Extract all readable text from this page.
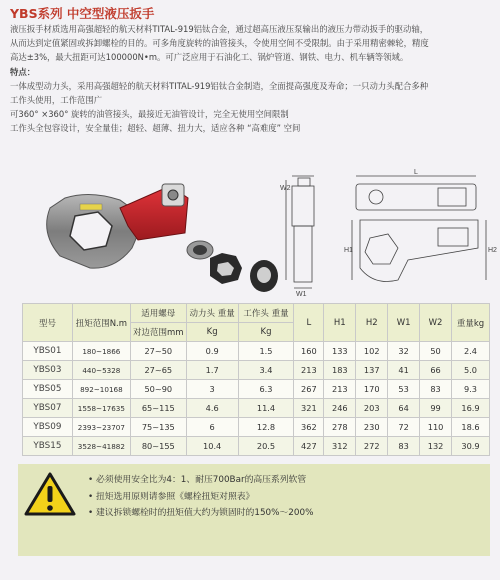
YBS系列 中空型液压扳手

液压扳手材质选用高强超轻的航天材料TITAL-919铝钛合金，通过超高压液压泵输出的液压力带动扳手的驱动轴，

从而达到定值紧固或拆卸螺栓的目的。可多角度旋转的油管接头，令使用空间不受限制。由于采用精密棘轮，精度

高达±3%，最大扭距可达100000N•m。可广泛应用于石油化工、锅炉管道、钢铁、电力、机车辆等领域。

特点：

一体成型动力头，采用高强超轻的航天材料TITAL-919铝钛合金制造，全面提高强度及寿命；一只动力头配合多种

工作头使用，工作范围广

可360° ×360° 旋转的油管接头，最接近无油管设计，完全无使用空间限制

工作头全包容设计，安全量佳；超轻、超薄、扭力大，适应各种 “高难度” 空间

W2
W1
L
H1	H2
型号	扭矩范围N.m	适用螺母	动力头 重量	工作头 重量	L	H1	H2	W1	W2	重量kg
		对边范围mm	Kg	Kg						
YBS01	180~1866	27~50	0.9	1.5	160	133	102	32	50	2.4
YBS03	440~5328	27~65	1.7	3.4	213	183	137	41	66	5.0
YBS05	892~10168	50~90	3	6.3	267	213	170	53	83	9.3
YBS07	1558~17635	65~115	4.6	11.4	321	246	203	64	99	16.9
YBS09	2393~23707	75~135	6	12.8	362	278	230	72	110	18.6
YBS15	3528~41882	80~155	10.4	20.5	427	312	272	83	132	30.9
• 必须使用安全比为4：1、耐压700Bar的高压系列软管
• 扭矩选用原则请参照《螺栓扭矩对照表》
• 建议拆锁螺栓时的扭矩值大约为锁固时的150%～200%
